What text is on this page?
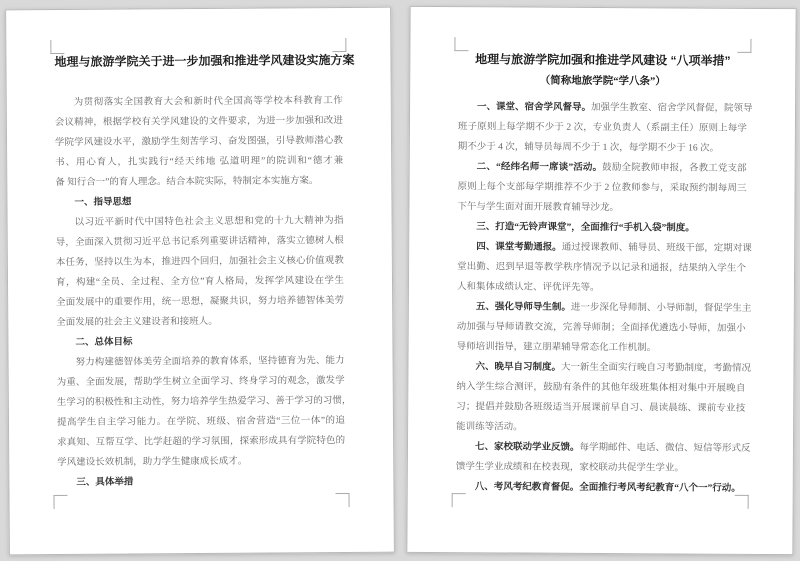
地理与旅游学院关于进一步加强和推进学风建设实施方案
为贯彻落实全国教育大会和新时代全国高等学校本科教育工作
会议精神，根据学校有关学风建设的文件要求，为进一步加强和改进
学院学风建设水平，激励学生刻苦学习、奋发图强，引导教师潜心教
书、用心育人，扎实践行“经天纬地 弘道明理”的院训和“德才兼
备 知行合一”的育人理念。结合本院实际，特制定本实施方案。
一、指导思想
以习近平新时代中国特色社会主义思想和党的十九大精神为指
导，全面深入贯彻习近平总书记系列重要讲话精神，落实立德树人根
本任务，坚持以生为本，推进四个回归，加强社会主义核心价值观教
育，构建“全员、全过程、全方位”育人格局，发挥学风建设在学生
全面发展中的重要作用，统一思想，凝聚共识，努力培养德智体美劳
全面发展的社会主义建设者和接班人。
二、总体目标
努力构建德智体美劳全面培养的教育体系，坚持德育为先、能力
为重、全面发展，帮助学生树立全面学习、终身学习的观念，激发学
生学习的积极性和主动性，努力培养学生热爱学习、善于学习的习惯，
提高学生自主学习能力。在学院、班级、宿舍营造“三位一体”的追
求真知、互帮互学、比学赶超的学习氛围，探索形成具有学院特色的
学风建设长效机制，助力学生健康成长成才。
三、具体举措
地理与旅游学院加强和推进学风建设 “八项举措”
（简称地旅学院“学八条”）
一、课堂、宿舍学风督导。加强学生教室、宿舍学风督促，院领导
班子原则上每学期不少于 2 次，专业负责人（系副主任）原则上每学
期不少于 4 次，辅导员每周不少于 1 次，每学期不少于 16 次。
二、“经纬名师一席谈”活动。鼓励全院教师申报，各教工党支部
原则上每个支部每学期推荐不少于 2 位教师参与，采取预约制每周三
下午与学生面对面开展教育辅导沙龙。
三、打造“无铃声课堂”，全面推行“手机入袋”制度。
四、课堂考勤通报。通过授课教师、辅导员、班级干部，定期对课
堂出勤、迟到早退等教学秩序情况予以记录和通报，结果纳入学生个
人和集体成绩认定、评优评先等。
五、强化导师导生制。进一步深化导师制、小导师制，督促学生主
动加强与导师请教交流，完善导师制；全面择优遴选小导师，加强小
导师培训指导，建立朋辈辅导常态化工作机制。
六、晚早自习制度。大一新生全面实行晚自习考勤制度，考勤情况
纳入学生综合测评，鼓励有条件的其他年级班集体相对集中开展晚自
习；提倡并鼓励各班级适当开展课前早自习、晨读晨练、课前专业技
能训练等活动。
七、家校联动学业反馈。每学期邮件、电话、微信、短信等形式反
馈学生学业成绩和在校表现，家校联动共促学生学业。
八、考风考纪教育督促。全面推行考风考纪教育“八个一”行动。
